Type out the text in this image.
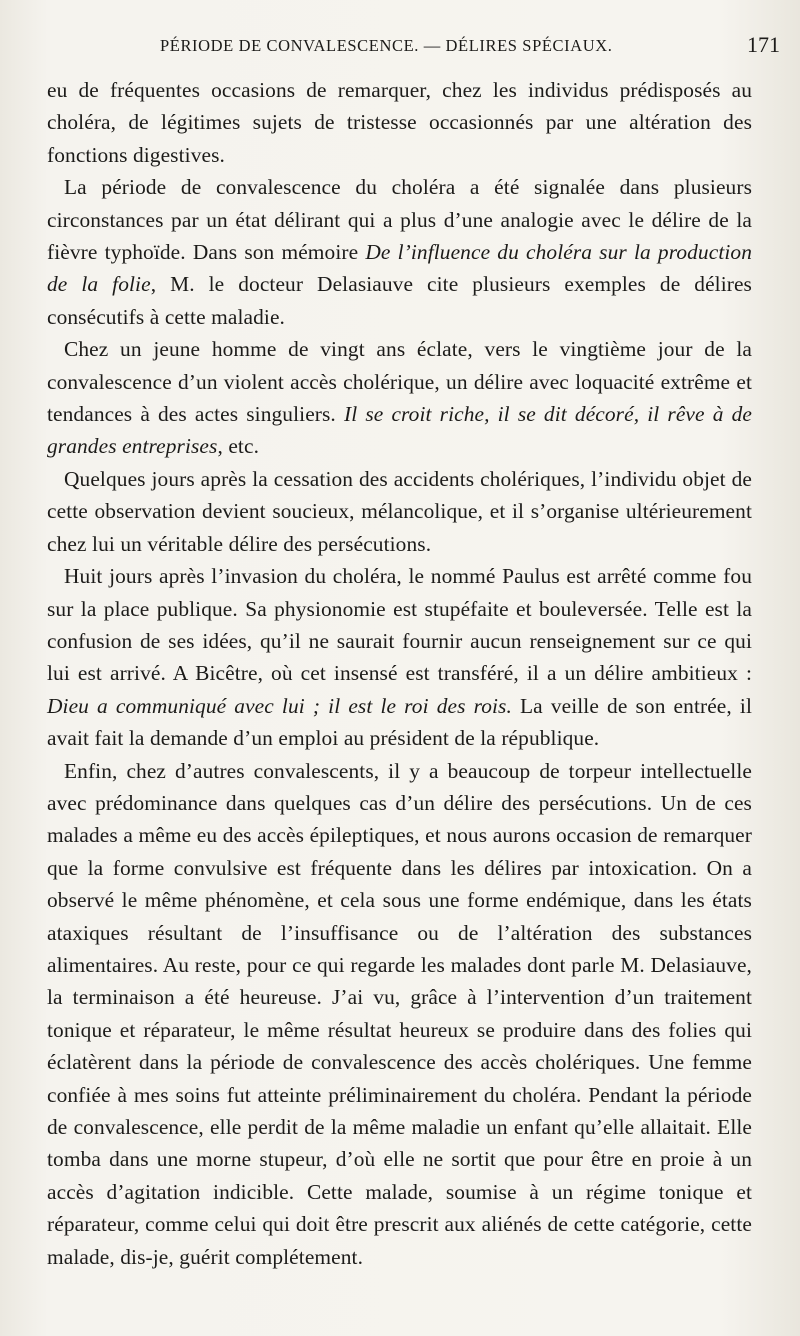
PÉRIODE DE CONVALESCENCE. — DÉLIRES SPÉCIAUX.	171

eu de fréquentes occasions de remarquer, chez les individus prédisposés au choléra, de légitimes sujets de tristesse occasionnés par une altération des fonctions digestives.

La période de convalescence du choléra a été signalée dans plusieurs circonstances par un état délirant qui a plus d’une analogie avec le délire de la fièvre typhoïde. Dans son mémoire De l’influence du choléra sur la production de la folie, M. le docteur Delasiauve cite plusieurs exemples de délires consécutifs à cette maladie.

Chez un jeune homme de vingt ans éclate, vers le vingtième jour de la convalescence d’un violent accès cholérique, un délire avec loquacité extrême et tendances à des actes singuliers. Il se croit riche, il se dit décoré, il rêve à de grandes entreprises, etc.

Quelques jours après la cessation des accidents cholériques, l’individu objet de cette observation devient soucieux, mélancolique, et il s’organise ultérieurement chez lui un véritable délire des persécutions.

Huit jours après l’invasion du choléra, le nommé Paulus est arrêté comme fou sur la place publique. Sa physionomie est stupéfaite et bouleversée. Telle est la confusion de ses idées, qu’il ne saurait fournir aucun renseignement sur ce qui lui est arrivé. A Bicêtre, où cet insensé est transféré, il a un délire ambitieux : Dieu a communiqué avec lui ; il est le roi des rois. La veille de son entrée, il avait fait la demande d’un emploi au président de la république.

Enfin, chez d’autres convalescents, il y a beaucoup de torpeur intellectuelle avec prédominance dans quelques cas d’un délire des persécutions. Un de ces malades a même eu des accès épileptiques, et nous aurons occasion de remarquer que la forme convulsive est fréquente dans les délires par intoxication. On a observé le même phénomène, et cela sous une forme endémique, dans les états ataxiques résultant de l’insuffisance ou de l’altération des substances alimentaires. Au reste, pour ce qui regarde les malades dont parle M. Delasiauve, la terminaison a été heureuse. J’ai vu, grâce à l’intervention d’un traitement tonique et réparateur, le même résultat heureux se produire dans des folies qui éclatèrent dans la période de convalescence des accès cholériques. Une femme confiée à mes soins fut atteinte préliminairement du choléra. Pendant la période de convalescence, elle perdit de la même maladie un enfant qu’elle allaitait. Elle tomba dans une morne stupeur, d’où elle ne sortit que pour être en proie à un accès d’agitation indicible. Cette malade, soumise à un régime tonique et réparateur, comme celui qui doit être prescrit aux aliénés de cette catégorie, cette malade, dis-je, guérit complétement.
